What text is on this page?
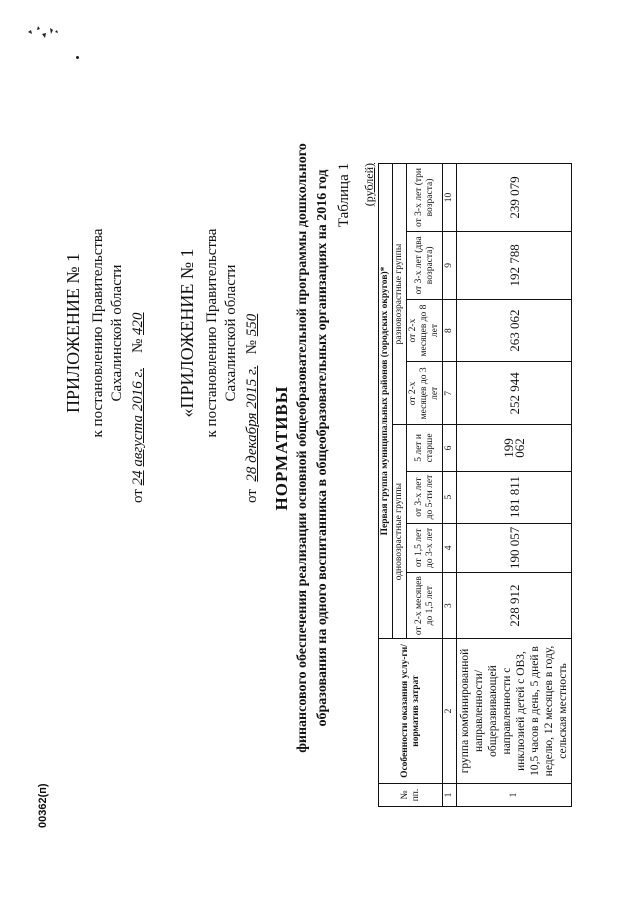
00362(п)
ПРИЛОЖЕНИЕ № 1 к постановлению Правительства Сахалинской области
от 24 августа 2016 г.    № 420 «ПРИЛОЖЕНИЕ № 1 к постановлению Правительства Сахалинской области
от  28 декабря 2015 г.   № 550
НОРМАТИВЫ финансового обеспечения реализации основной общеобразовательной программы дошкольного образования на одного воспитанника в общеобразовательных организациях на 2016 год Таблица 1 (рублей)
№ пп.	Особенности оказания услу-ги/норматив затрат	Первая группа муниципальных районов (городских округов)*							
		одновозрастные группы				разновозрастные группы			
		от 2-х месяцев до 1,5 лет	от 1,5 лет до 3-х лет	от 3-х лет до 5-ти лет	5 лет и старше	от 2-х месяцев до 3 лет	от 2-х месяцев до 8 лет	от 3-х лет (два возраста)	от 3-х лет (три возраста)
1	2	3	4	5	6	7	8	9	10
1	группа комбинированной направленности/ общеразвивающей направленности с инклюзией детей с ОВЗ, 10,5 часов в день, 5 дней в неделю, 12 месяцев в году, сельская местность	228 912	190 057	181 811	199 062	252 944	263 062	192 788	239 079
